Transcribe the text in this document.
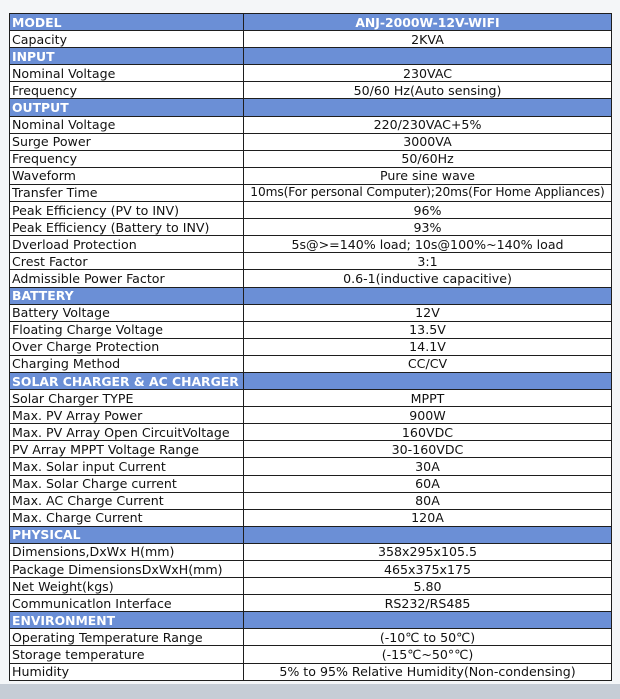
MODEL	ANJ-2000W-12V-WIFI
Capacity	2KVA
INPUT	
Nominal Voltage	230VAC
Frequency	50/60 Hz(Auto sensing)
OUTPUT	
Nominal Voltage	220/230VAC+5%
Surge Power	3000VA
Frequency	50/60Hz
Waveform	Pure sine wave
Transfer Time	10ms(For personal Computer);20ms(For Home Appliances)
Peak Efficiency (PV to INV)	96%
Peak Efficiency (Battery to INV)	93%
Dverload Protection	5s@>=140% load; 10s@100%~140% load
Crest Factor	3:1
Admissible Power Factor	0.6-1(inductive capacitive)
BATTERY	
Battery Voltage	12V
Floating Charge Voltage	13.5V
Over Charge Protection	14.1V
Charging Method	CC/CV
SOLAR CHARGER & AC CHARGER	
Solar Charger TYPE	MPPT
Max. PV Array Power	900W
Max. PV Array Open CircuitVoltage	160VDC
PV Array MPPT Voltage Range	30-160VDC
Max. Solar input Current	30A
Max. Solar Charge current	60A
Max. AC Charge Current	80A
Max. Charge Current	120A
PHYSICAL	
Dimensions,DxWx H(mm)	358x295x105.5
Package DimensionsDxWxH(mm)	465x375x175
Net Weight(kgs)	5.80
Communicatlon Interface	RS232/RS485
ENVIRONMENT	
Operating Temperature Range	(-10℃ to 50℃)
Storage temperature	(-15℃~50°℃)
Humidity	5% to 95% Relative Humidity(Non-condensing)
